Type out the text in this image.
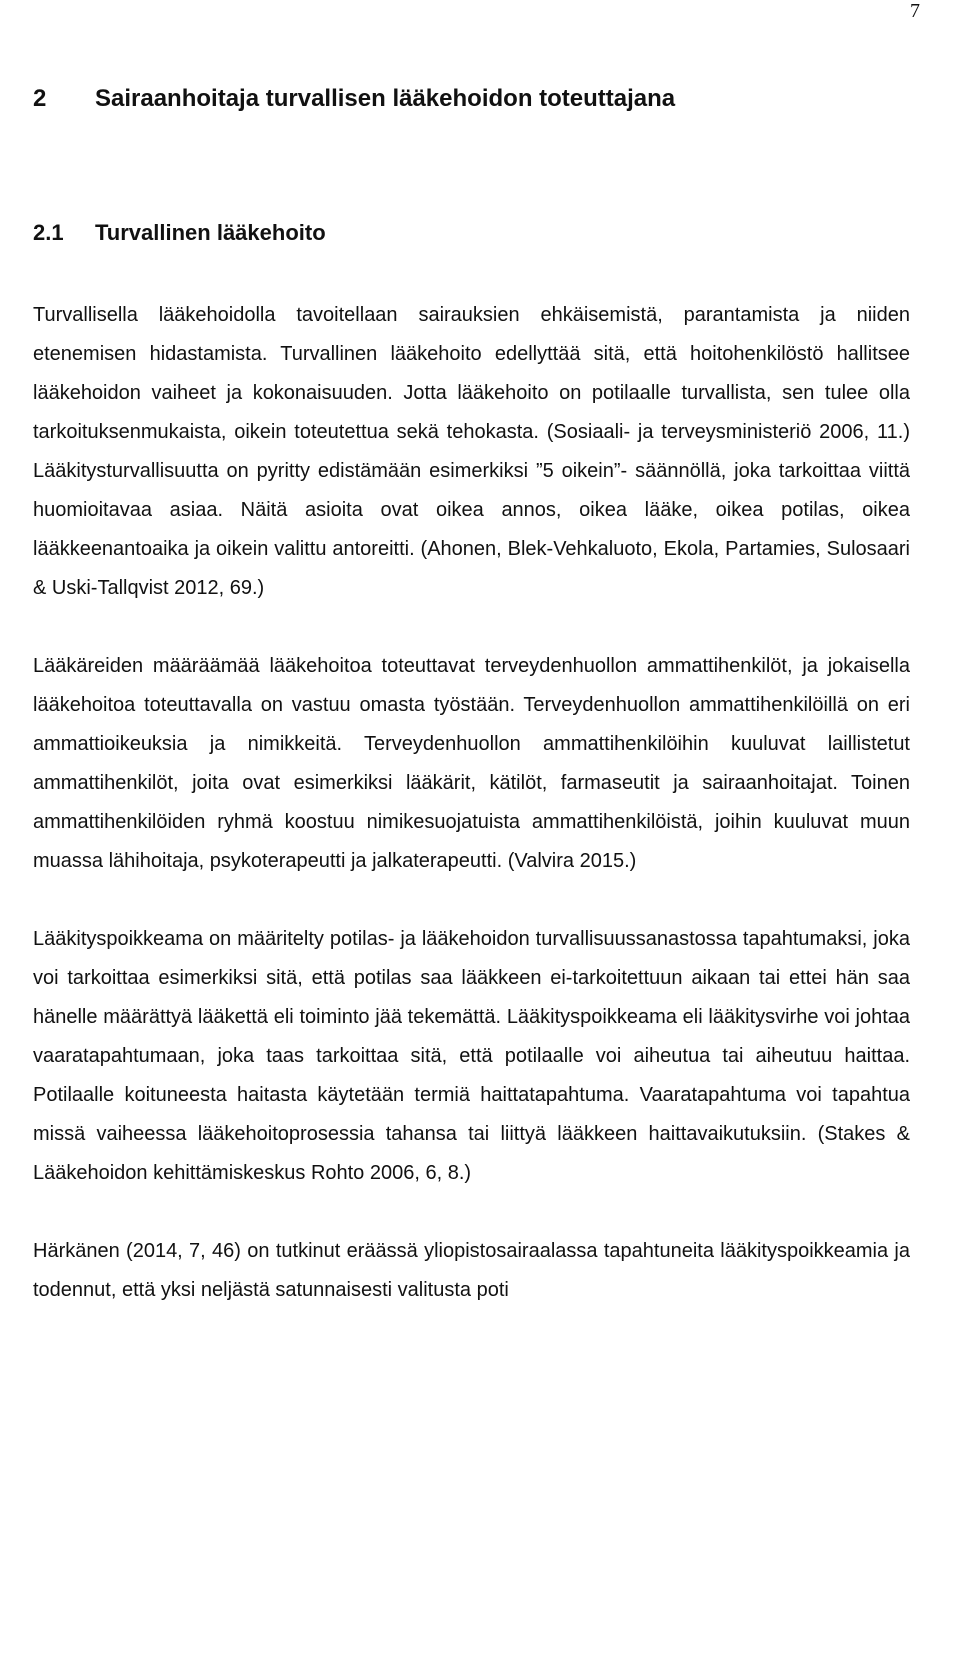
7
2	Sairaanhoitaja turvallisen lääkehoidon toteuttajana
2.1	Turvallinen lääkehoito

Turvallisella lääkehoidolla tavoitellaan sairauksien ehkäisemistä, parantamista ja niiden etenemisen hidastamista. Turvallinen lääkehoito edellyttää sitä, että hoitohenkilöstö hallitsee lääkehoidon vaiheet ja kokonaisuuden. Jotta lääkehoito on potilaalle turvallista, sen tulee olla tarkoituksenmukaista, oikein toteutettua sekä tehokasta. (Sosiaali- ja terveysministeriö 2006, 11.) Lääkitysturvallisuutta on pyritty edistämään esimerkiksi ”5 oikein”- säännöllä, joka tarkoittaa viittä huomioitavaa asiaa. Näitä asioita ovat oikea annos, oikea lääke, oikea potilas, oikea lääkkeenantoaika ja oikein valittu antoreitti. (Ahonen, Blek-Vehkaluoto, Ekola, Partamies, Sulosaari & Uski-Tallqvist 2012, 69.)

Lääkäreiden määräämää lääkehoitoa toteuttavat terveydenhuollon ammattihenkilöt, ja jokaisella lääkehoitoa toteuttavalla on vastuu omasta työstään. Terveydenhuollon ammattihenkilöillä on eri ammattioikeuksia ja nimikkeitä. Terveydenhuollon ammattihenkilöihin kuuluvat laillistetut ammattihenkilöt, joita ovat esimerkiksi lääkärit, kätilöt, farmaseutit ja sairaanhoitajat. Toinen ammattihenkilöiden ryhmä koostuu nimikesuojatuista ammattihenkilöistä, joihin kuuluvat muun muassa lähihoitaja, psykoterapeutti ja jalkaterapeutti. (Valvira 2015.)

Lääkityspoikkeama on määritelty potilas- ja lääkehoidon turvallisuussanastossa tapahtumaksi, joka voi tarkoittaa esimerkiksi sitä, että potilas saa lääkkeen ei-tarkoitettuun aikaan tai ettei hän saa hänelle määrättyä lääkettä eli toiminto jää tekemättä. Lääkityspoikkeama eli lääkitysvirhe voi johtaa vaaratapahtumaan, joka taas tarkoittaa sitä, että potilaalle voi aiheutua tai aiheutuu haittaa. Potilaalle koituneesta haitasta käytetään termiä haittatapahtuma. Vaaratapahtuma voi tapahtua missä vaiheessa lääkehoitoprosessia tahansa tai liittyä lääkkeen haittavaikutuksiin. (Stakes & Lääkehoidon kehittämiskeskus Rohto 2006, 6, 8.)

Härkänen (2014, 7, 46) on tutkinut eräässä yliopistosairaalassa tapahtuneita lääkityspoikkeamia ja todennut, että yksi neljästä satunnaisesti valitusta poti
